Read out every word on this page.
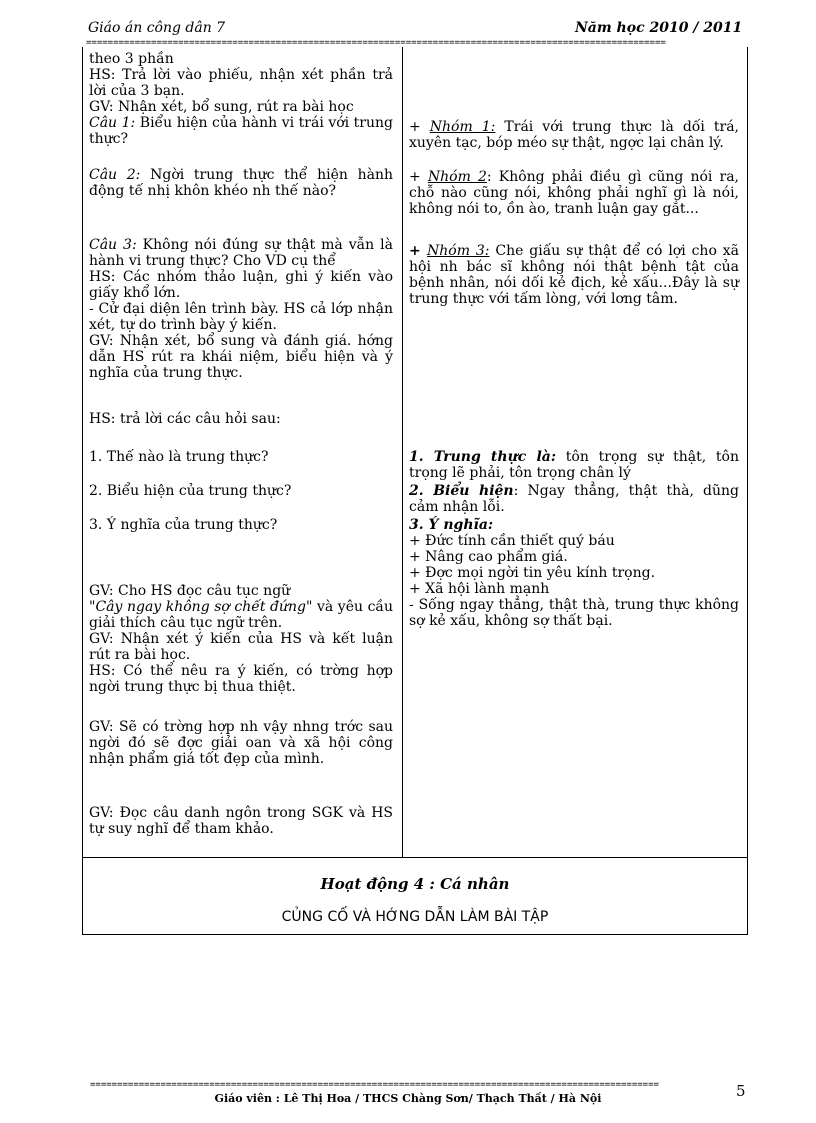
Giáo án công dân 7	Năm học 2010 / 2011
===========================================================================================================

theo 3 phần

HS: Trả lời vào phiếu, nhận xét phần trả lời của 3 bạn.

GV: Nhận xét, bổ sung, rút ra bài học

Câu 1: Biểu hiện của hành vi trái với trung thực?

Câu 2: Ngời trung thực thể hiện hành động tế nhị khôn khéo nh thế nào?

Câu 3: Không nói đúng sự thật mà vẫn là hành vi trung thực? Cho VD cụ thể

HS: Các nhóm thảo luận, ghi ý kiến vào giấy khổ lớn.

- Cử đại diện lên trình bày. HS cả lớp nhận xét, tự do trình bày ý kiến.

GV: Nhận xét, bổ sung và đánh giá. hớng dẫn HS rút ra khái niệm, biểu hiện và ý nghĩa của trung thực.

HS: trả lời các câu hỏi sau:

1. Thế nào là trung thực?

2. Biểu hiện của trung thực?

3. Ý nghĩa của trung thực?

GV: Cho HS đọc câu tục ngữ

"Cây ngay không sợ chết đứng" và yêu cầu giải thích câu tục ngữ trên.

GV: Nhận xét ý kiến của HS và kết luận rút ra bài học.

HS: Có thể nêu ra ý kiến, có trờng hợp ngời trung thực bị thua thiệt.

GV: Sẽ có trờng hợp nh vậy nhng trớc sau ngời đó sẽ đợc giải oan và xã hội công nhận phẩm giá tốt đẹp của mình.

GV: Đọc câu danh ngôn trong SGK và HS tự suy nghĩ để tham khảo.

+ Nhóm 1: Trái với trung thực là dối trá, xuyên tạc, bóp méo sự thật, ngợc lại chân lý.

+ Nhóm 2: Không phải điều gì cũng nói ra, chỗ nào cũng nói, không phải nghĩ gì là nói, không nói to, ồn ào, tranh luận gay gắt...

+ Nhóm 3: Che giấu sự thật để có lợi cho xã hội nh bác sĩ không nói thật bệnh tật của bệnh nhân, nói dối kẻ địch, kẻ xấu...Đây là sự trung thực với tấm lòng, với lơng tâm.

1. Trung thực là: tôn trọng sự thật, tôn trọng lẽ phải, tôn trọng chân lý

2. Biểu hiện: Ngay thẳng, thật thà, dũng cảm nhận lỗi.

3. Ý nghĩa:

+ Đức tính cần thiết quý báu

+ Nâng cao phẩm giá.

+ Đợc mọi ngời tin yêu kính trọng.

+ Xã hội lành mạnh

- Sống ngay thẳng, thật thà, trung thực không sợ kẻ xấu, không sợ thất bại.

Hoạt động 4 : Cá nhân
CỦNG CỐ VÀ HỚNG DẪN LÀM BÀI TẬP
=========================================================================================================
Giáo viên : Lê Thị Hoa / THCS Chàng Sơn/ Thạch Thất / Hà Nội	5
